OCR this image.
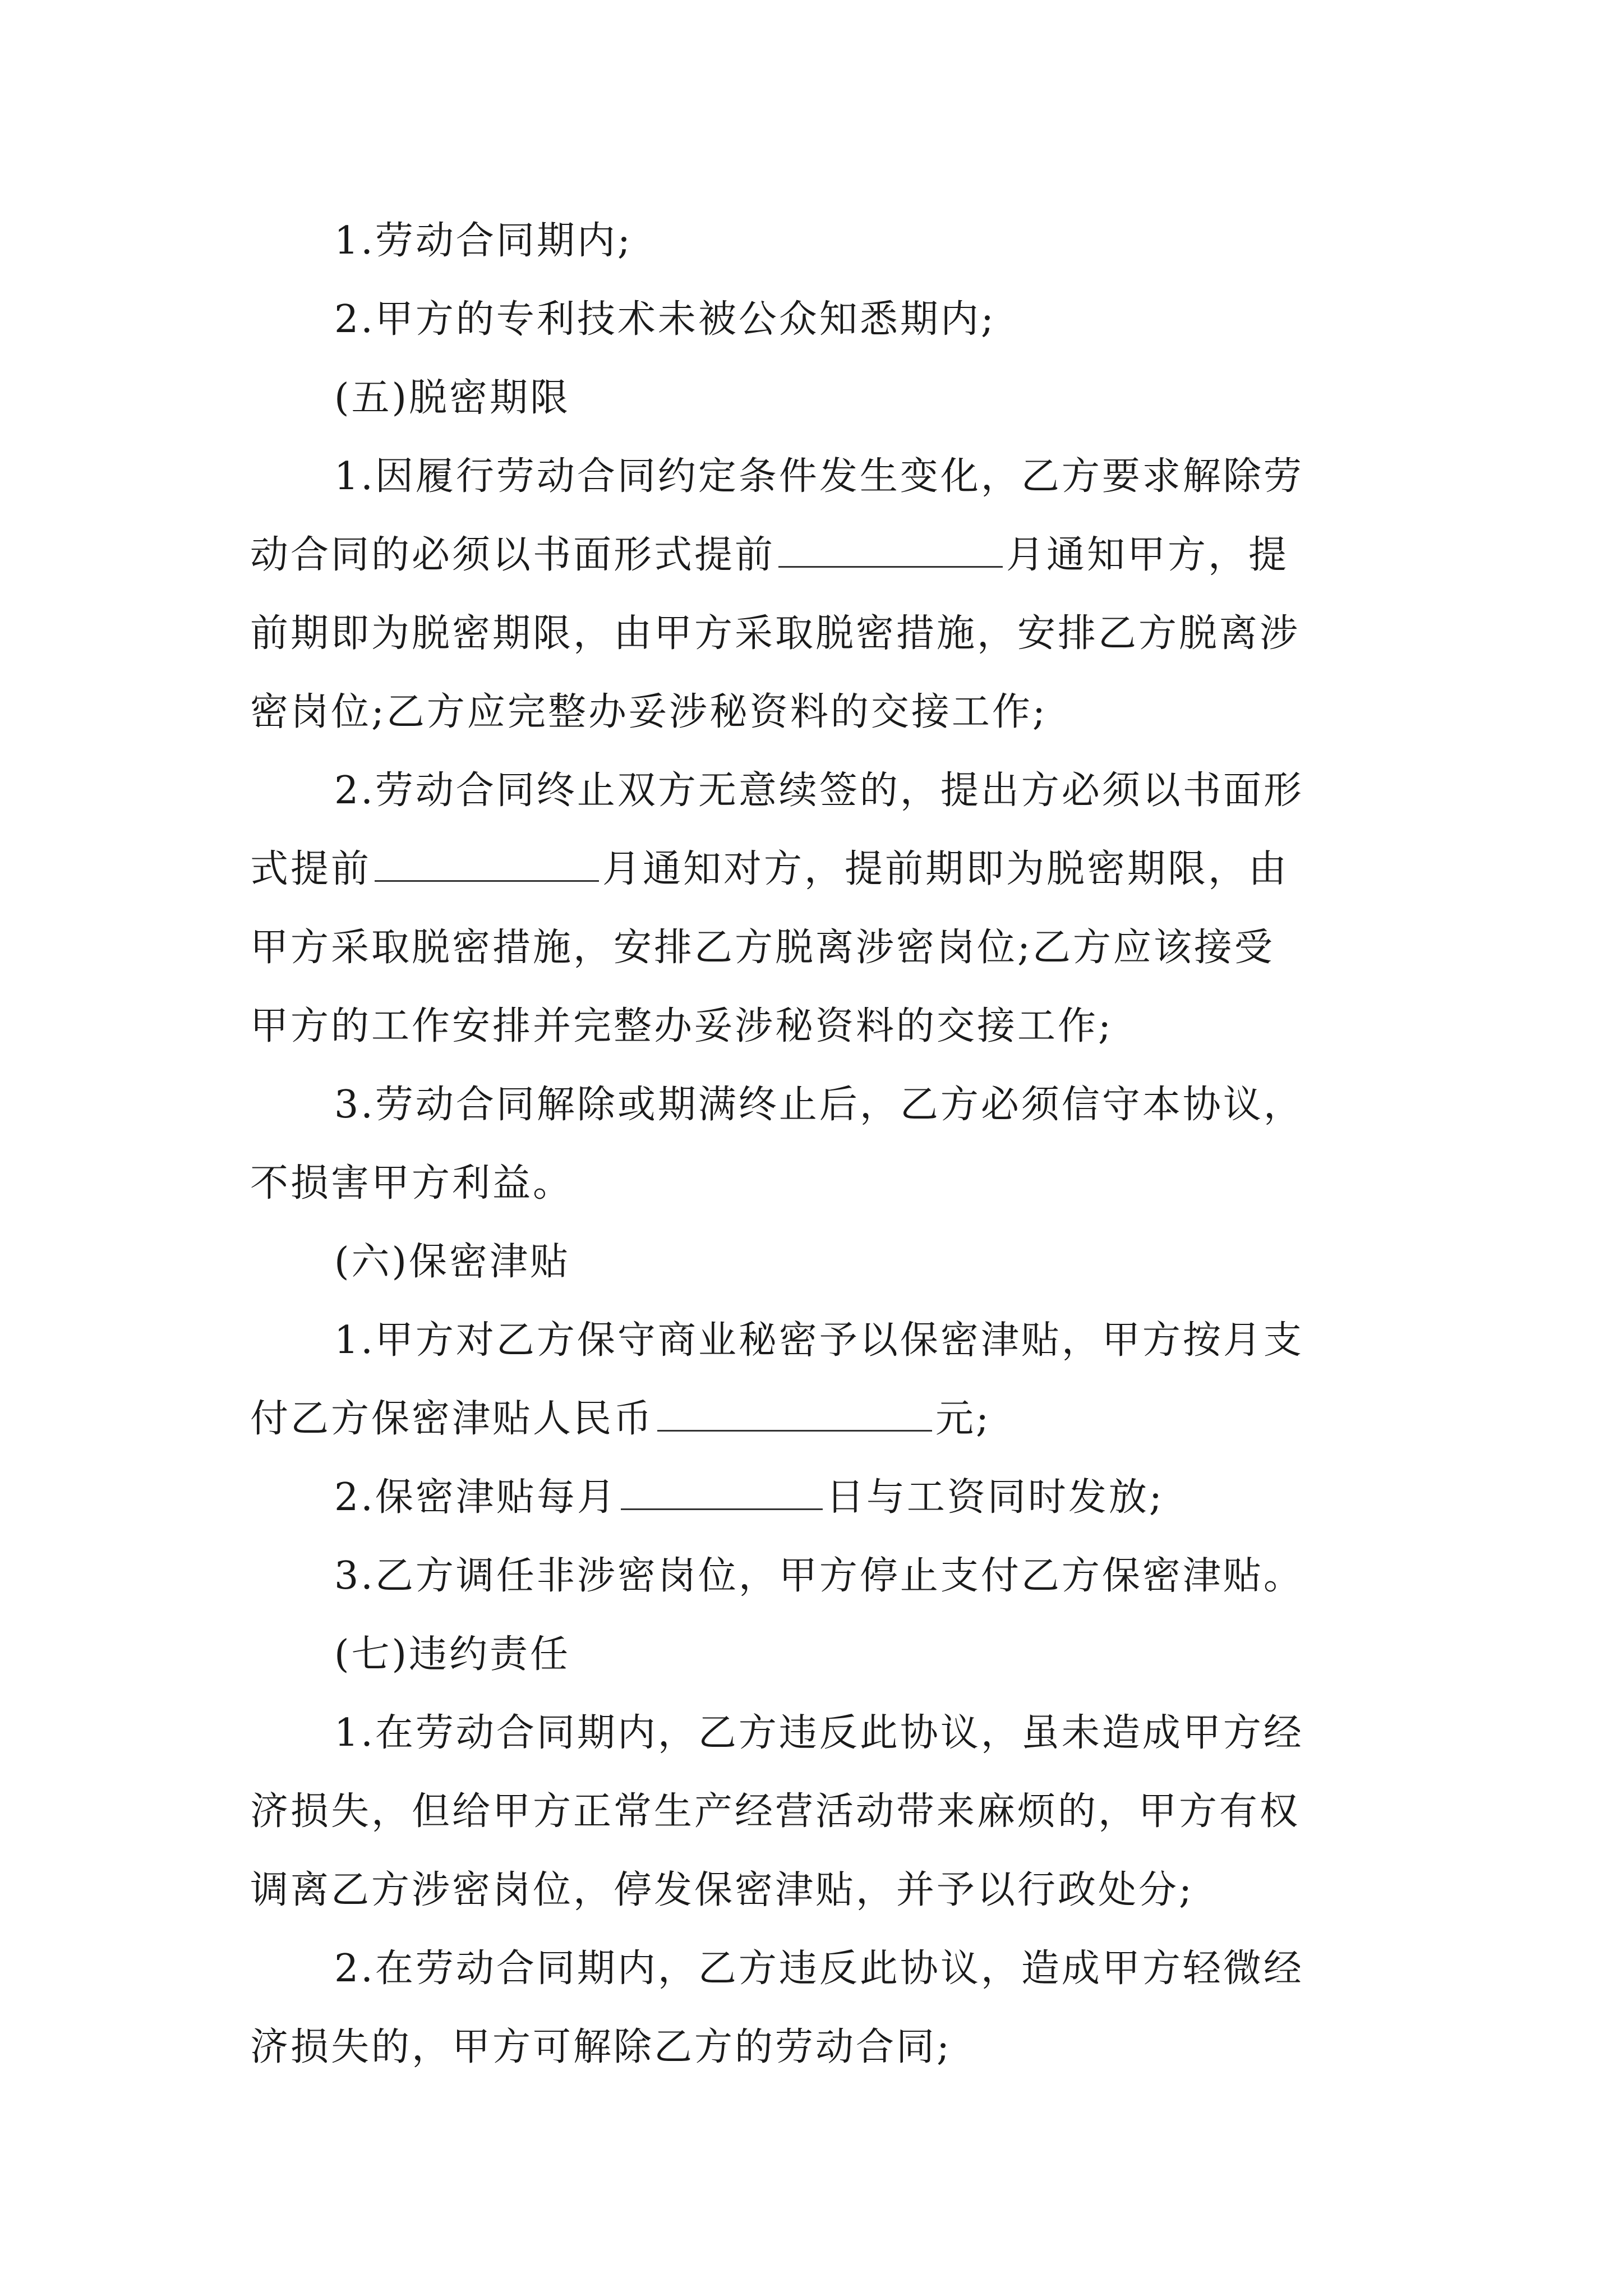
1.劳动合同期内;
2.甲方的专利技术未被公众知悉期内;
(五)脱密期限
1.因履行劳动合同约定条件发生变化，乙方要求解除劳
动合同的必须以书面形式提前	月通知甲方，提
前期即为脱密期限，由甲方采取脱密措施，安排乙方脱离涉
密岗位;乙方应完整办妥涉秘资料的交接工作;
2.劳动合同终止双方无意续签的，提出方必须以书面形
式提前	月通知对方，提前期即为脱密期限，由
甲方采取脱密措施，安排乙方脱离涉密岗位;乙方应该接受
甲方的工作安排并完整办妥涉秘资料的交接工作;
3.劳动合同解除或期满终止后，乙方必须信守本协议，
不损害甲方利益。
(六)保密津贴
1.甲方对乙方保守商业秘密予以保密津贴，甲方按月支
付乙方保密津贴人民币	元;
2.保密津贴每月	日与工资同时发放;
3.乙方调任非涉密岗位，甲方停止支付乙方保密津贴。
(七)违约责任
1.在劳动合同期内，乙方违反此协议，虽未造成甲方经
济损失，但给甲方正常生产经营活动带来麻烦的，甲方有权
调离乙方涉密岗位，停发保密津贴，并予以行政处分;
2.在劳动合同期内，乙方违反此协议，造成甲方轻微经
济损失的，甲方可解除乙方的劳动合同;
